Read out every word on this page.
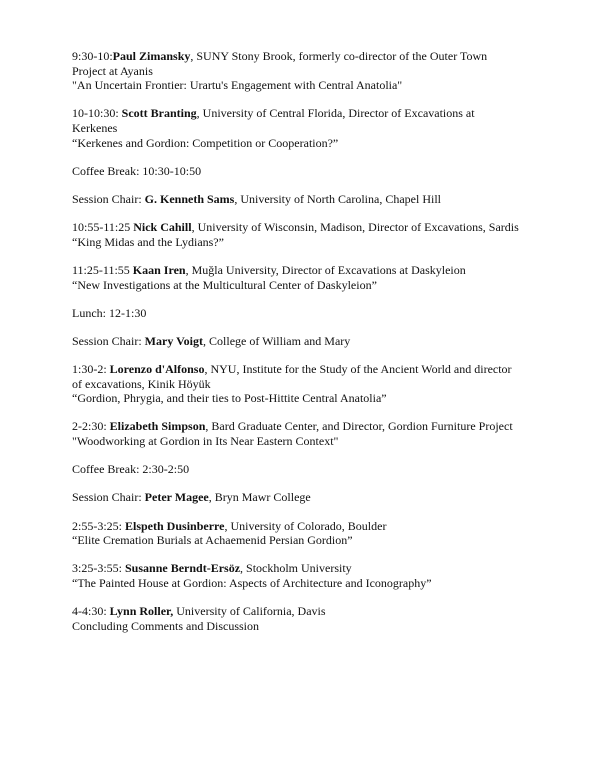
9:30-10:Paul Zimansky, SUNY Stony Brook, formerly co-director of the Outer Town
Project at Ayanis
"An Uncertain Frontier: Urartu's Engagement with Central Anatolia"
10-10:30: Scott Branting, University of Central Florida, Director of Excavations at
Kerkenes
“Kerkenes and Gordion: Competition or Cooperation?”
Coffee Break: 10:30-10:50
Session Chair: G. Kenneth Sams, University of North Carolina, Chapel Hill
10:55-11:25 Nick Cahill, University of Wisconsin, Madison, Director of Excavations, Sardis
“King Midas and the Lydians?”
11:25-11:55 Kaan Iren, Muğla University, Director of Excavations at Daskyleion
“New Investigations at the Multicultural Center of Daskyleion”
Lunch: 12-1:30
Session Chair: Mary Voigt, College of William and Mary
1:30-2: Lorenzo d'Alfonso, NYU, Institute for the Study of the Ancient World and director
of excavations, Kinik Höyük
“Gordion, Phrygia, and their ties to Post-Hittite Central Anatolia”
2-2:30: Elizabeth Simpson, Bard Graduate Center, and Director, Gordion Furniture Project
"Woodworking at Gordion in Its Near Eastern Context"
Coffee Break: 2:30-2:50
Session Chair: Peter Magee, Bryn Mawr College
2:55-3:25: Elspeth Dusinberre, University of Colorado, Boulder
“Elite Cremation Burials at Achaemenid Persian Gordion”
3:25-3:55: Susanne Berndt-Ersöz, Stockholm University
“The Painted House at Gordion: Aspects of Architecture and Iconography”
4-4:30: Lynn Roller, University of California, Davis
Concluding Comments and Discussion
